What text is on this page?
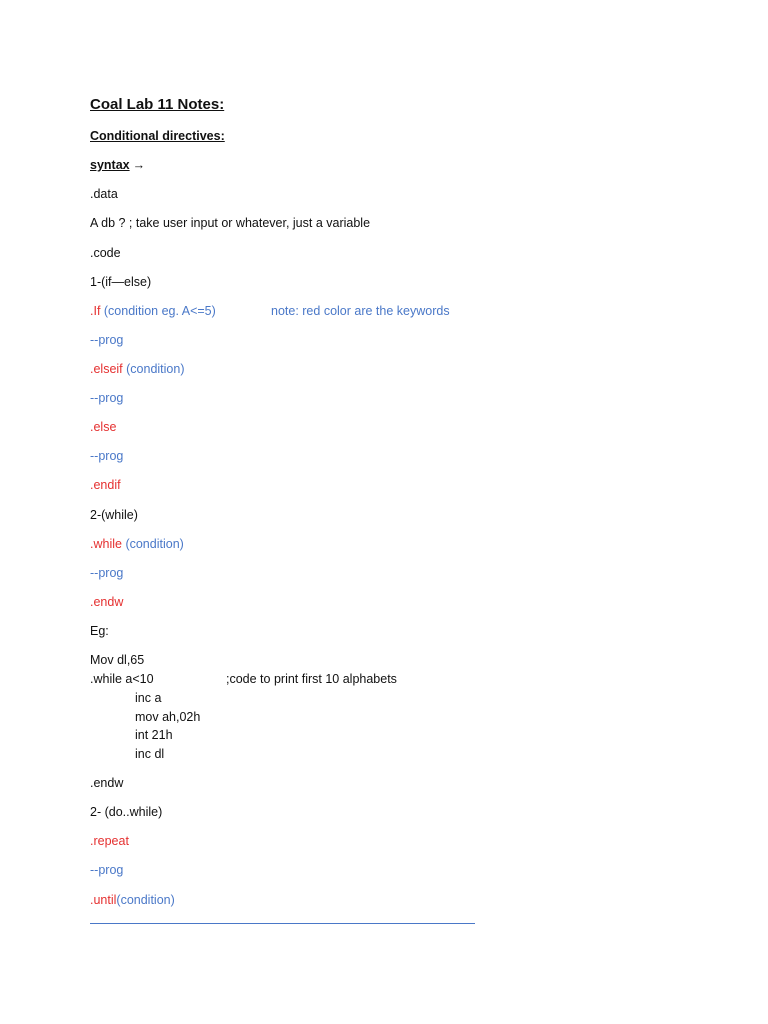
Coal Lab 11 Notes:
Conditional directives:
syntax →
.data
A db ? ; take user input or whatever, just a variable
.code
1-(if—else)
.If (condition eg. A<=5)	note: red color are the keywords
--prog
.elseif (condition)
--prog
.else
--prog
.endif
2-(while)
.while (condition)
--prog
.endw
Eg:
Mov dl,65
.while a<10	;code to print first 10 alphabets
inc a
mov ah,02h
int 21h
inc dl
.endw
2- (do..while)
.repeat
--prog
.until(condition)
